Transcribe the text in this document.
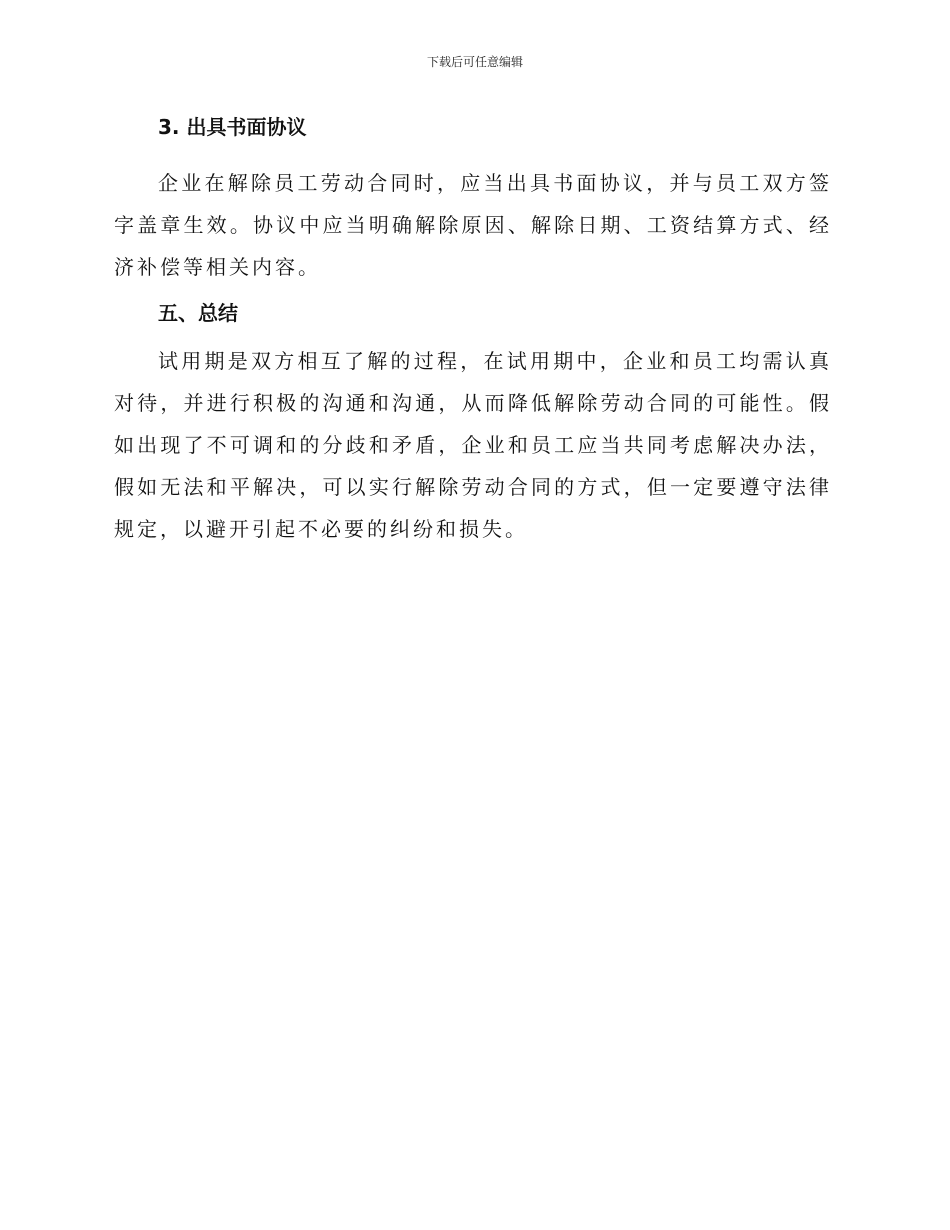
下载后可任意编辑
3. 出具书面协议

企业在解除员工劳动合同时，应当出具书面协议，并与员工双方签字盖章生效。协议中应当明确解除原因、解除日期、工资结算方式、经济补偿等相关内容。

五、总结

试用期是双方相互了解的过程，在试用期中，企业和员工均需认真对待，并进行积极的沟通和沟通，从而降低解除劳动合同的可能性。假如出现了不可调和的分歧和矛盾，企业和员工应当共同考虑解决办法，假如无法和平解决，可以实行解除劳动合同的方式，但一定要遵守法律规定，以避开引起不必要的纠纷和损失。
